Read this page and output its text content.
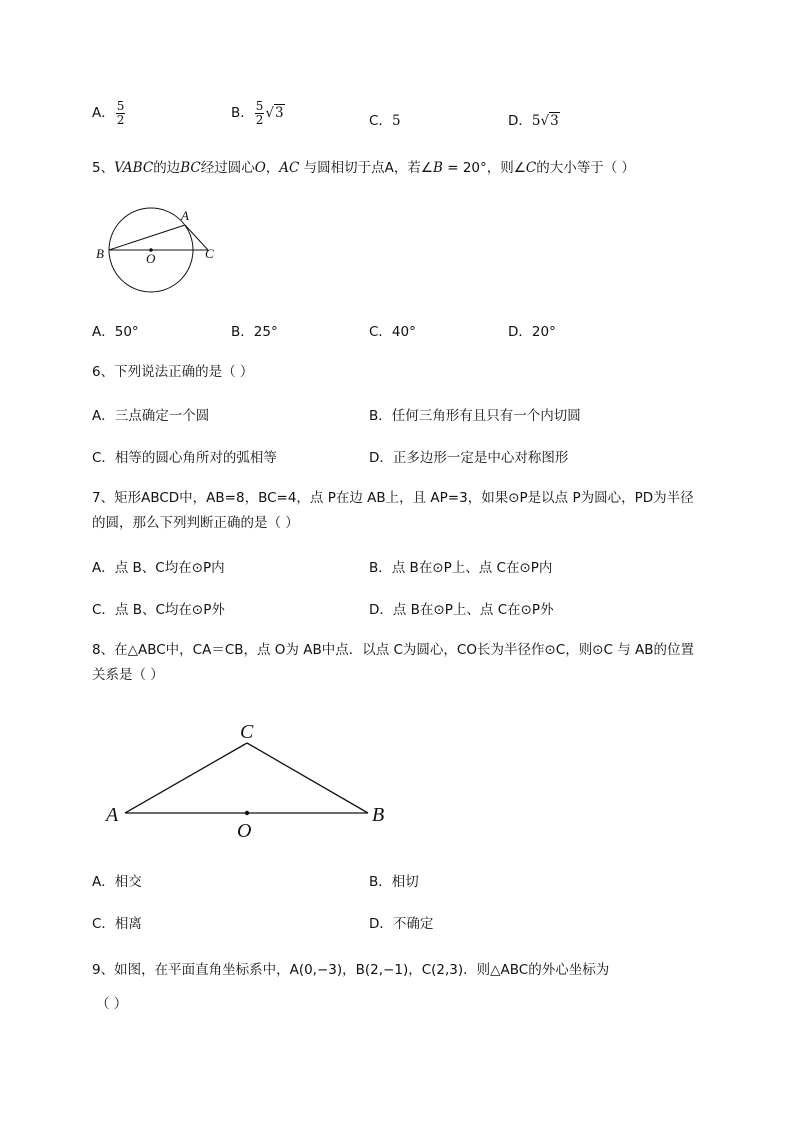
A． $\frac{5}{2}$	B． $\frac{5}{2} √3$	C．5	D．5√3
5、VABC的边BC经过圆心O，AC 与圆相切于点A，若∠B = 20°，则∠C的大小等于（ ）
A
B	C
O
A．50°	B．25°	C．40°	D．20°
6、下列说法正确的是（ ）
A．三点确定一个圆	B．任何三角形有且只有一个内切圆
C．相等的圆心角所对的弧相等	D．正多边形一定是中心对称图形
7、矩形ABCD中，AB=8，BC=4，点 P在边 AB上，且 AP=3，如果⊙P是以点 P为圆心，PD为半径
的圆，那么下列判断正确的是（ ）
A．点 B、C均在⊙P内	B．点 B在⊙P上、点 C在⊙P内
C．点 B、C均在⊙P外	D．点 B在⊙P上、点 C在⊙P外
8、在△ABC中，CA＝CB，点 O为 AB中点．以点 C为圆心，CO长为半径作⊙C，则⊙C 与 AB的位置
关系是（ ）
C
A	B
O
A．相交	B．相切
C．相离	D．不确定
9、如图，在平面直角坐标系中，A(0,−3)，B(2,−1)，C(2,3)．则△ABC的外心坐标为
（ ）
